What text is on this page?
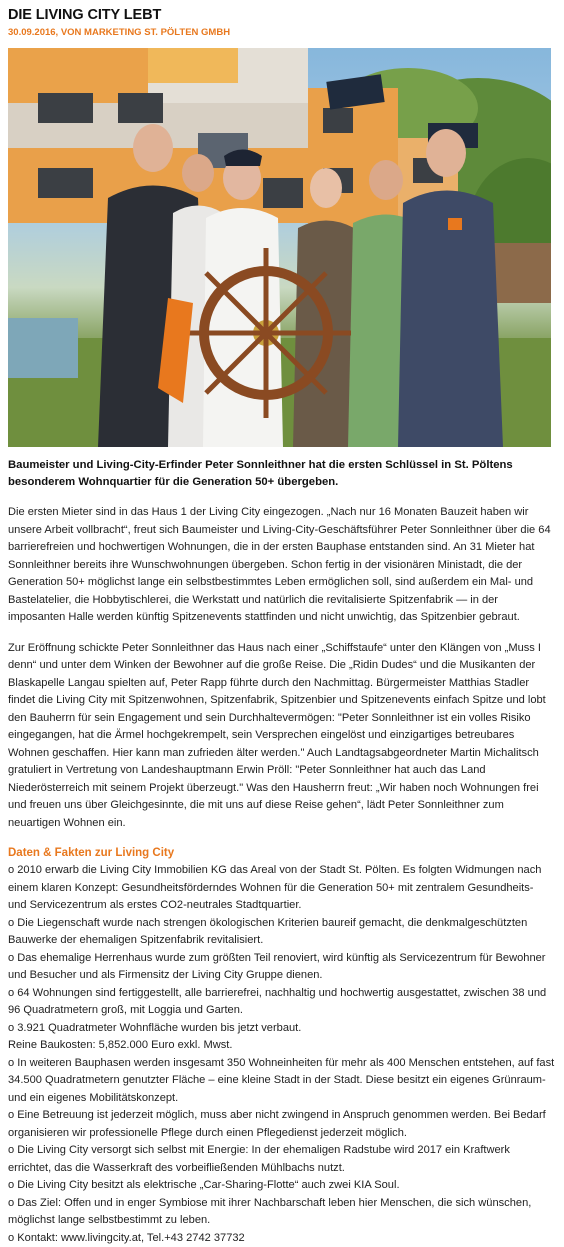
DIE LIVING CITY LEBT
30.09.2016, VON MARKETING ST. PÖLTEN GMBH

Baumeister und Living-City-Erfinder Peter Sonnleithner hat die ersten Schlüssel in St. Pöltens besonderem Wohnquartier für die Generation 50+ übergeben.

Die ersten Mieter sind in das Haus 1 der Living City eingezogen. „Nach nur 16 Monaten Bauzeit haben wir unsere Arbeit vollbracht“, freut sich Baumeister und Living-City-Geschäftsführer Peter Sonnleithner über die 64 barrierefreien und hochwertigen Wohnungen, die in der ersten Bauphase entstanden sind. An 31 Mieter hat Sonnleithner bereits ihre Wunschwohnungen übergeben. Schon fertig in der visionären Ministadt, die der Generation 50+ möglichst lange ein selbstbestimmtes Leben ermöglichen soll, sind außerdem ein Mal- und Bastelatelier, die Hobbytischlerei, die Werkstatt und natürlich die revitalisierte Spitzenfabrik — in der imposanten Halle werden künftig Spitzenevents stattfinden und nicht unwichtig, das Spitzenbier gebraut.

Zur Eröffnung schickte Peter Sonnleithner das Haus nach einer „Schiffstaufe“ unter den Klängen von „Muss I denn“ und unter dem Winken der Bewohner auf die große Reise. Die „Ridin Dudes“ und die Musikanten der Blaskapelle Langau spielten auf, Peter Rapp führte durch den Nachmittag. Bürgermeister Matthias Stadler findet die Living City mit Spitzenwohnen, Spitzenfabrik, Spitzenbier und Spitzenevents einfach Spitze und lobt den Bauherrn für sein Engagement und sein Durchhaltevermögen: "Peter Sonnleithner ist ein volles Risiko eingegangen, hat die Ärmel hochgekrempelt, sein Versprechen eingelöst und einzigartiges betreubares Wohnen geschaffen. Hier kann man zufrieden älter werden." Auch Landtagsabgeordneter Martin Michalitsch gratuliert in Vertretung von Landeshauptmann Erwin Pröll: "Peter Sonnleithner hat auch das Land Niederösterreich mit seinem Projekt überzeugt." Was den Hausherrn freut: „Wir haben noch Wohnungen frei und freuen uns über Gleichgesinnte, die mit uns auf diese Reise gehen“, lädt Peter Sonnleithner zum neuartigen Wohnen ein.

Daten & Fakten zur Living City

o 2010 erwarb die Living City Immobilien KG das Areal von der Stadt St. Pölten. Es folgten Widmungen nach einem klaren Konzept: Gesundheitsförderndes Wohnen für die Generation 50+ mit zentralem Gesundheits- und Servicezentrum als erstes CO2-neutrales Stadtquartier.

o Die Liegenschaft wurde nach strengen ökologischen Kriterien baureif gemacht, die denkmalgeschützten Bauwerke der ehemaligen Spitzenfabrik revitalisiert.

o Das ehemalige Herrenhaus wurde zum größten Teil renoviert, wird künftig als Servicezentrum für Bewohner und Besucher und als Firmensitz der Living City Gruppe dienen.

o 64 Wohnungen sind fertiggestellt, alle barrierefrei, nachhaltig und hochwertig ausgestattet, zwischen 38 und 96 Quadratmetern groß, mit Loggia und Garten.

o 3.921 Quadratmeter Wohnfläche wurden bis jetzt verbaut.

Reine Baukosten: 5,852.000 Euro exkl. Mwst.

o In weiteren Bauphasen werden insgesamt 350 Wohneinheiten für mehr als 400 Menschen entstehen, auf fast 34.500 Quadratmetern genutzter Fläche – eine kleine Stadt in der Stadt. Diese besitzt ein eigenes Grünraum- und ein eigenes Mobilitätskonzept.

o Eine Betreuung ist jederzeit möglich, muss aber nicht zwingend in Anspruch genommen werden. Bei Bedarf organisieren wir professionelle Pflege durch einen Pflegedienst jederzeit möglich.

o Die Living City versorgt sich selbst mit Energie: In der ehemaligen Radstube wird 2017 ein Kraftwerk errichtet, das die Wasserkraft des vorbeifließenden Mühlbachs nutzt.

o Die Living City besitzt als elektrische „Car-Sharing-Flotte“ auch zwei KIA Soul.

o Das Ziel: Offen und in enger Symbiose mit ihrer Nachbarschaft leben hier Menschen, die sich wünschen, möglichst lange selbstbestimmt zu leben.

o Kontakt: www.livingcity.at, Tel.+43 2742 37732
